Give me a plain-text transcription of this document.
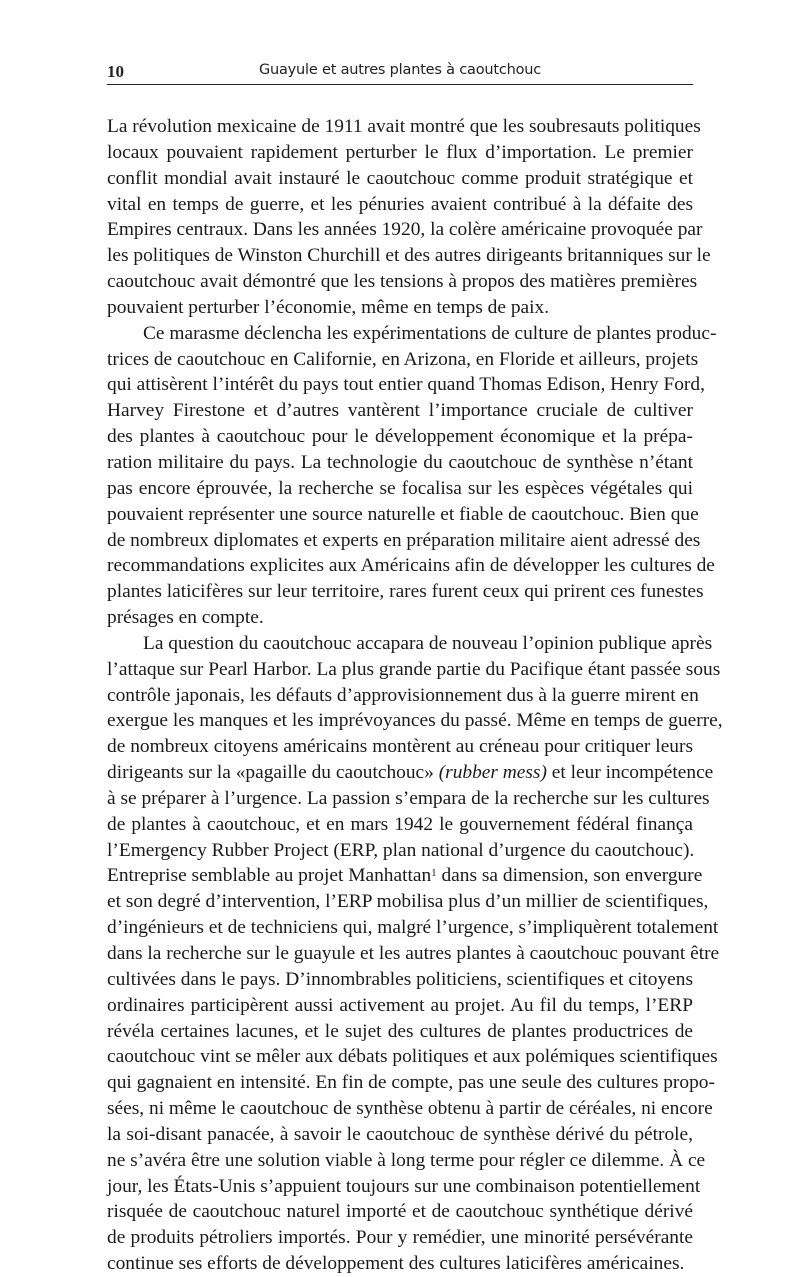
10	Guayule et autres plantes à caoutchouc
La révolution mexicaine de 1911 avait montré que les soubresauts politiques
locaux pouvaient rapidement perturber le flux d’importation. Le premier
conflit mondial avait instauré le caoutchouc comme produit stratégique et
vital en temps de guerre, et les pénuries avaient contribué à la défaite des
Empires centraux. Dans les années 1920, la colère américaine provoquée par
les politiques de Winston Churchill et des autres dirigeants britanniques sur le
caoutchouc avait démontré que les tensions à propos des matières premières
pouvaient perturber l’économie, même en temps de paix.
Ce marasme déclencha les expérimentations de culture de plantes produc-
trices de caoutchouc en Californie, en Arizona, en Floride et ailleurs, projets
qui attisèrent l’intérêt du pays tout entier quand Thomas Edison, Henry Ford,
Harvey Firestone et d’autres vantèrent l’importance cruciale de cultiver
des plantes à caoutchouc pour le développement économique et la prépa-
ration militaire du pays. La technologie du caoutchouc de synthèse n’étant
pas encore éprouvée, la recherche se focalisa sur les espèces végétales qui
pouvaient représenter une source naturelle et fiable de caoutchouc. Bien que
de nombreux diplomates et experts en préparation militaire aient adressé des
recommandations explicites aux Américains afin de développer les cultures de
plantes laticifères sur leur territoire, rares furent ceux qui prirent ces funestes
présages en compte.
La question du caoutchouc accapara de nouveau l’opinion publique après
l’attaque sur Pearl Harbor. La plus grande partie du Pacifique étant passée sous
contrôle japonais, les défauts d’approvisionnement dus à la guerre mirent en
exergue les manques et les imprévoyances du passé. Même en temps de guerre,
de nombreux citoyens américains montèrent au créneau pour critiquer leurs
dirigeants sur la «pagaille du caoutchouc» (rubber mess) et leur incompétence
à se préparer à l’urgence. La passion s’empara de la recherche sur les cultures
de plantes à caoutchouc, et en mars 1942 le gouvernement fédéral finança
l’Emergency Rubber Project (ERP, plan national d’urgence du caoutchouc).
Entreprise semblable au projet Manhattan$^1$ dans sa dimension, son envergure
et son degré d’intervention, l’ERP mobilisa plus d’un millier de scientifiques,
d’ingénieurs et de techniciens qui, malgré l’urgence, s’impliquèrent totalement
dans la recherche sur le guayule et les autres plantes à caoutchouc pouvant être
cultivées dans le pays. D’innombrables politiciens, scientifiques et citoyens
ordinaires participèrent aussi activement au projet. Au fil du temps, l’ERP
révéla certaines lacunes, et le sujet des cultures de plantes productrices de
caoutchouc vint se mêler aux débats politiques et aux polémiques scientifiques
qui gagnaient en intensité. En fin de compte, pas une seule des cultures propo-
sées, ni même le caoutchouc de synthèse obtenu à partir de céréales, ni encore
la soi-disant panacée, à savoir le caoutchouc de synthèse dérivé du pétrole,
ne s’avéra être une solution viable à long terme pour régler ce dilemme. À ce
jour, les États-Unis s’appuient toujours sur une combinaison potentiellement
risquée de caoutchouc naturel importé et de caoutchouc synthétique dérivé
de produits pétroliers importés. Pour y remédier, une minorité persévérante
continue ses efforts de développement des cultures laticifères américaines.
